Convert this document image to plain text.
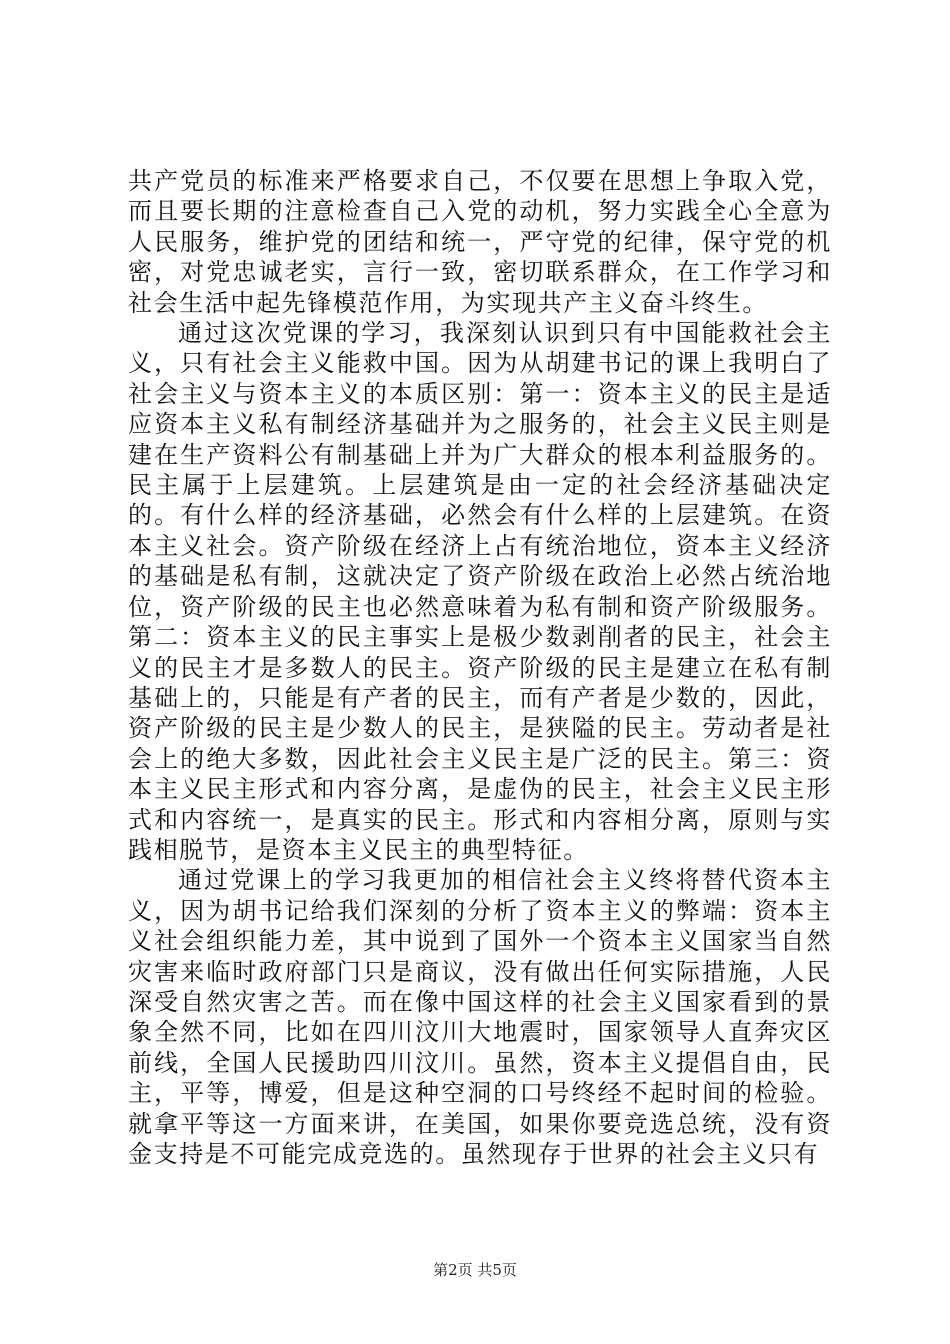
共产党员的标准来严格要求自己，不仅要在思想上争取入党，而且要长期的注意检查自己入党的动机，努力实践全心全意为人民服务，维护党的团结和统一，严守党的纪律，保守党的机密，对党忠诚老实，言行一致，密切联系群众，在工作学习和社会生活中起先锋模范作用，为实现共产主义奋斗终生。

通过这次党课的学习，我深刻认识到只有中国能救社会主义，只有社会主义能救中国。因为从胡建书记的课上我明白了社会主义与资本主义的本质区别：第一：资本主义的民主是适应资本主义私有制经济基础并为之服务的，社会主义民主则是建在生产资料公有制基础上并为广大群众的根本利益服务的。民主属于上层建筑。上层建筑是由一定的社会经济基础决定的。有什么样的经济基础，必然会有什么样的上层建筑。在资本主义社会。资产阶级在经济上占有统治地位，资本主义经济的基础是私有制，这就决定了资产阶级在政治上必然占统治地位，资产阶级的民主也必然意味着为私有制和资产阶级服务。第二：资本主义的民主事实上是极少数剥削者的民主，社会主义的民主才是多数人的民主。资产阶级的民主是建立在私有制基础上的，只能是有产者的民主，而有产者是少数的，因此，资产阶级的民主是少数人的民主，是狭隘的民主。劳动者是社会上的绝大多数，因此社会主义民主是广泛的民主。第三：资本主义民主形式和内容分离，是虚伪的民主，社会主义民主形式和内容统一，是真实的民主。形式和内容相分离，原则与实践相脱节，是资本主义民主的典型特征。

通过党课上的学习我更加的相信社会主义终将替代资本主义，因为胡书记给我们深刻的分析了资本主义的弊端：资本主义社会组织能力差，其中说到了国外一个资本主义国家当自然灾害来临时政府部门只是商议，没有做出任何实际措施，人民深受自然灾害之苦。而在像中国这样的社会主义国家看到的景象全然不同，比如在四川汶川大地震时，国家领导人直奔灾区前线，全国人民援助四川汶川。虽然，资本主义提倡自由，民主，平等，博爱，但是这种空洞的口号终经不起时间的检验。就拿平等这一方面来讲，在美国，如果你要竞选总统，没有资金支持是不可能完成竞选的。虽然现存于世界的社会主义只有

第2页 共5页
